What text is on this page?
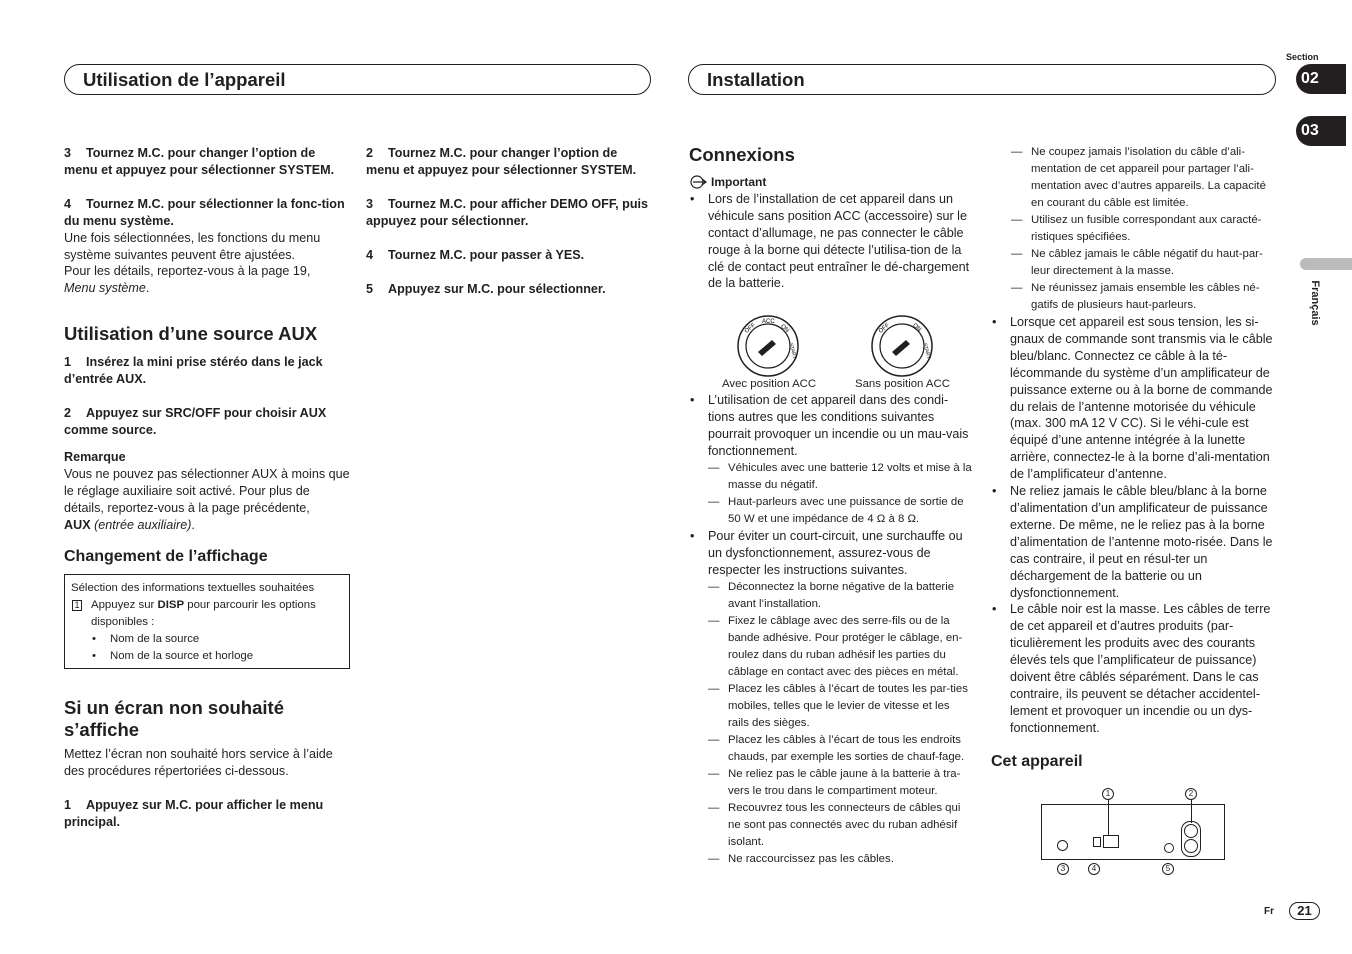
Utilisation de l’appareil	Installation
Section
02
03
Français
Fr	21
3 Tournez M.C. pour changer l’option de menu et appuyez pour sélectionner SYSTEM.
4 Tournez M.C. pour sélectionner la fonc-tion du menu système.
Une fois sélectionnées, les fonctions du menu système suivantes peuvent être ajustées.
Pour les détails, reportez-vous à la page 19,
Menu système.
Utilisation d’une source AUX
1 Insérez la mini prise stéréo dans le jack d’entrée AUX.
2 Appuyez sur SRC/OFF pour choisir AUX comme source.
Remarque
Vous ne pouvez pas sélectionner AUX à moins que le réglage auxiliaire soit activé. Pour plus de détails, reportez-vous à la page précédente,
AUX (entrée auxiliaire).
Changement de l’affichage
Sélection des informations textuelles souhaitées
1 Appuyez sur DISP pour parcourir les options disponibles :
• Nom de la source
• Nom de la source et horloge
Si un écran non souhaité s’affiche
Mettez l’écran non souhaité hors service à l’aide des procédures répertoriées ci-dessous.
1 Appuyez sur M.C. pour afficher le menu principal.
2 Tournez M.C. pour changer l’option de menu et appuyez pour sélectionner SYSTEM.
3 Tournez M.C. pour afficher DEMO OFF, puis appuyez pour sélectionner.
4 Tournez M.C. pour passer à YES.
5 Appuyez sur M.C. pour sélectionner.
Connexions
Important
• Lors de l’installation de cet appareil dans un véhicule sans position ACC (accessoire) sur le contact d’allumage, ne pas connecter le câble rouge à la borne qui détecte l’utilisa-tion de la clé de contact peut entraîner le dé-chargement de la batterie.
OFF
ACC
ON
START
OFF	ON
START
Avec position ACC	Sans position ACC
• L’utilisation de cet appareil dans des condi-tions autres que les conditions suivantes pourrait provoquer un incendie ou un mau-vais fonctionnement.
— Véhicules avec une batterie 12 volts et mise à la masse du négatif.
— Haut-parleurs avec une puissance de sortie de 50 W et une impédance de 4 Ω à 8 Ω.
• Pour éviter un court-circuit, une surchauffe ou un dysfonctionnement, assurez-vous de respecter les instructions suivantes.
— Déconnectez la borne négative de la batterie avant l’installation.
— Fixez le câblage avec des serre-fils ou de la bande adhésive. Pour protéger le câblage, en-roulez dans du ruban adhésif les parties du câblage en contact avec des pièces en métal.
— Placez les câbles à l’écart de toutes les par-ties mobiles, telles que le levier de vitesse et les rails des sièges.
— Placez les câbles à l’écart de tous les endroits chauds, par exemple les sorties de chauf-fage.
— Ne reliez pas le câble jaune à la batterie à tra-vers le trou dans le compartiment moteur.
— Recouvrez tous les connecteurs de câbles qui ne sont pas connectés avec du ruban adhésif isolant.
— Ne raccourcissez pas les câbles.
— Ne coupez jamais l’isolation du câble d’ali-mentation de cet appareil pour partager l’ali-mentation avec d’autres appareils. La capacité en courant du câble est limitée.
— Utilisez un fusible correspondant aux caracté-ristiques spécifiées.
— Ne câblez jamais le câble négatif du haut-par-leur directement à la masse.
— Ne réunissez jamais ensemble les câbles né-gatifs de plusieurs haut-parleurs.
• Lorsque cet appareil est sous tension, les si-gnaux de commande sont transmis via le câble bleu/blanc. Connectez ce câble à la té-lécommande du système d’un amplificateur de puissance externe ou à la borne de commande du relais de l’antenne motorisée du véhicule (max. 300 mA 12 V CC). Si le véhi-cule est équipé d’une antenne intégrée à la lunette arrière, connectez-le à la borne d’ali-mentation de l’amplificateur d’antenne.
• Ne reliez jamais le câble bleu/blanc à la borne d’alimentation d’un amplificateur de puissance externe. De même, ne le reliez pas à la borne d’alimentation de l’antenne moto-risée. Dans le cas contraire, il peut en résul-ter un déchargement de la batterie ou un dysfonctionnement.
• Le câble noir est la masse. Les câbles de terre de cet appareil et d’autres produits (par-ticulièrement les produits avec des courants élevés tels que l’amplificateur de puissance) doivent être câblés séparément. Dans le cas contraire, ils peuvent se détacher accidentel-lement et provoquer un incendie ou un dys-fonctionnement.
Cet appareil
1	2
3	4	5
